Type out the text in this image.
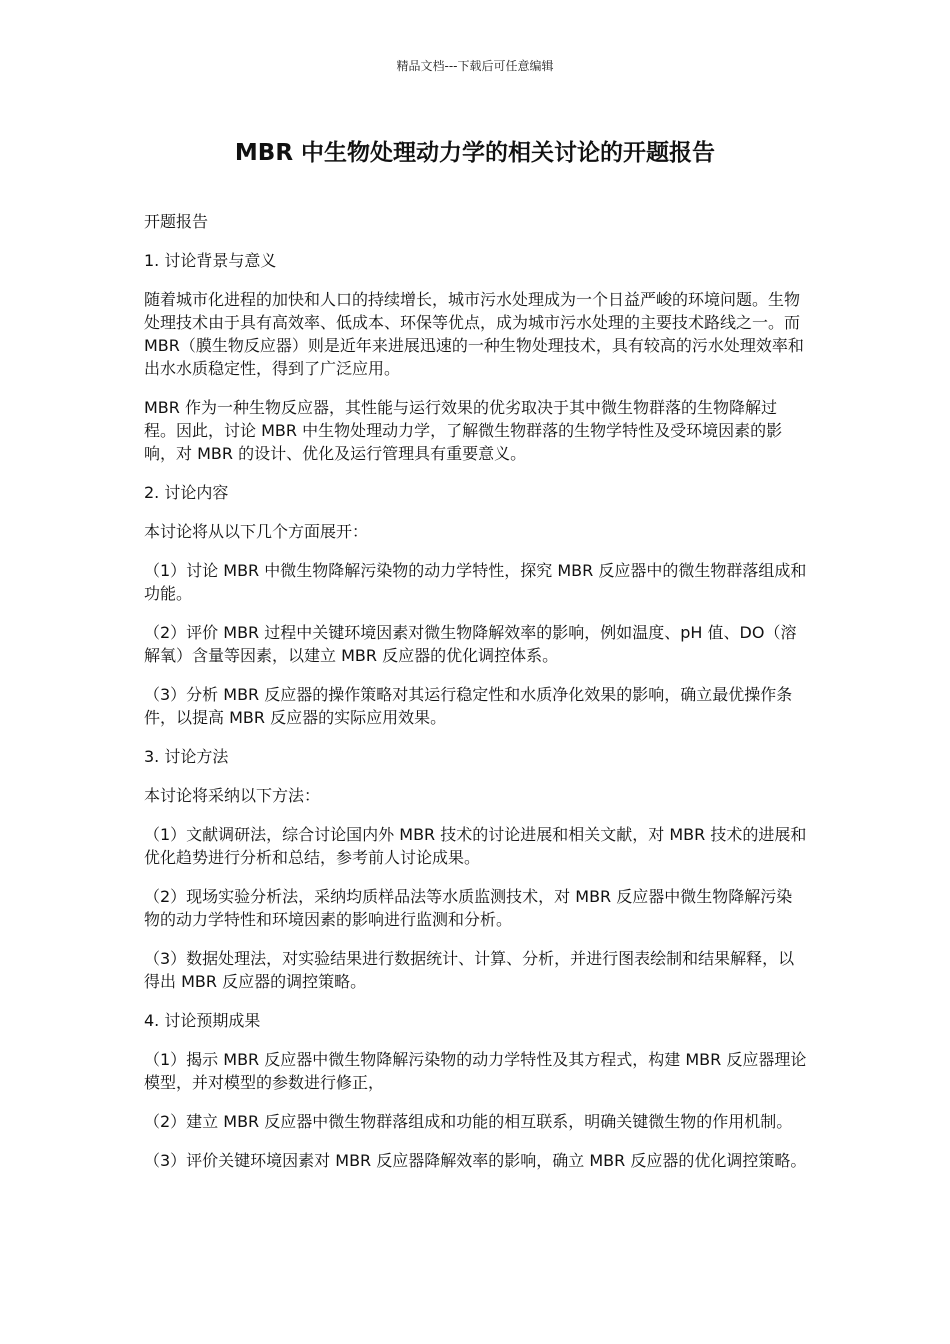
精品文档---下载后可任意编辑
MBR 中生物处理动力学的相关讨论的开题报告

开题报告

1. 讨论背景与意义

随着城市化进程的加快和人口的持续增长，城市污水处理成为一个日益严峻的环境问题。生物处理技术由于具有高效率、低成本、环保等优点，成为城市污水处理的主要技术路线之一。而 MBR（膜生物反应器）则是近年来进展迅速的一种生物处理技术，具有较高的污水处理效率和出水水质稳定性，得到了广泛应用。

MBR 作为一种生物反应器，其性能与运行效果的优劣取决于其中微生物群落的生物降解过程。因此，讨论 MBR 中生物处理动力学，了解微生物群落的生物学特性及受环境因素的影响，对 MBR 的设计、优化及运行管理具有重要意义。

2. 讨论内容

本讨论将从以下几个方面展开：

（1）讨论 MBR 中微生物降解污染物的动力学特性，探究 MBR 反应器中的微生物群落组成和功能。

（2）评价 MBR 过程中关键环境因素对微生物降解效率的影响，例如温度、pH 值、DO（溶解氧）含量等因素，以建立 MBR 反应器的优化调控体系。

（3）分析 MBR 反应器的操作策略对其运行稳定性和水质净化效果的影响，确立最优操作条件，以提高 MBR 反应器的实际应用效果。

3. 讨论方法

本讨论将采纳以下方法：

（1）文献调研法，综合讨论国内外 MBR 技术的讨论进展和相关文献，对 MBR 技术的进展和优化趋势进行分析和总结，参考前人讨论成果。

（2）现场实验分析法，采纳均质样品法等水质监测技术，对 MBR 反应器中微生物降解污染物的动力学特性和环境因素的影响进行监测和分析。

（3）数据处理法，对实验结果进行数据统计、计算、分析，并进行图表绘制和结果解释，以得出 MBR 反应器的调控策略。

4. 讨论预期成果

（1）揭示 MBR 反应器中微生物降解污染物的动力学特性及其方程式，构建 MBR 反应器理论模型，并对模型的参数进行修正，

（2）建立 MBR 反应器中微生物群落组成和功能的相互联系，明确关键微生物的作用机制。

（3）评价关键环境因素对 MBR 反应器降解效率的影响，确立 MBR 反应器的优化调控策略。
